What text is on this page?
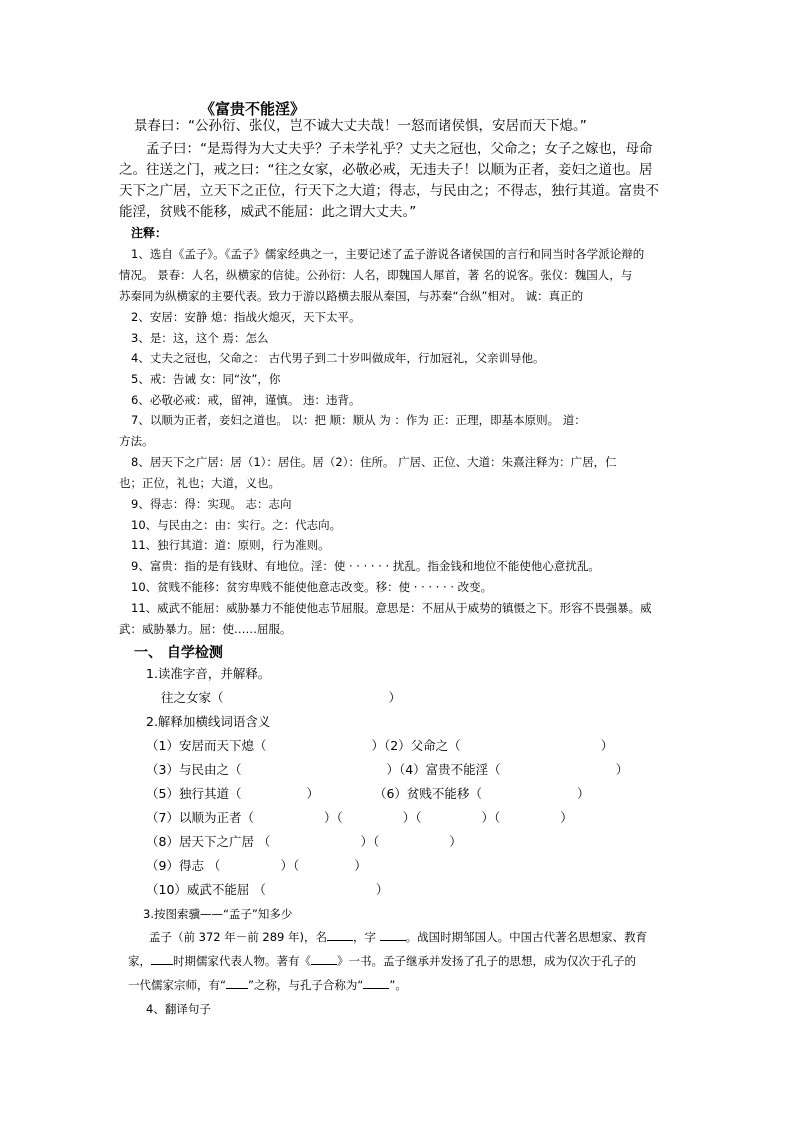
《富贵不能淫》
景春曰：“公孙衍、张仪，岂不诚大丈夫哉！一怒而诸侯惧，安居而天下熄。”
孟子曰：“是焉得为大丈夫乎？子未学礼乎？丈夫之冠也，父命之；女子之嫁也，母命
之。往送之门，戒之曰：“往之女家，必敬必戒，无违夫子！以顺为正者，妾妇之道也。居
天下之广居，立天下之正位，行天下之大道；得志，与民由之；不得志，独行其道。富贵不
能淫，贫贱不能移，威武不能屈：此之谓大丈夫。”
注释：
1、选自《孟子》。《孟子》儒家经典之一，主要记述了孟子游说各诸侯国的言行和同当时各学派论辩的
情况。 景春：人名，纵横家的信徒。公孙衍：人名，即魏国人犀首，著 名的说客。张仪：魏国人，与
苏秦同为纵横家的主要代表。致力于游以路横去服从秦国，与苏秦“合纵”相对。 诚：真正的
2、安居：安静 熄：指战火熄灭，天下太平。
3、是：这，这个 焉：怎么
4、丈夫之冠也，父命之： 古代男子到二十岁叫做成年，行加冠礼，父亲训导他。
5、戒：告诫 女：同“汝”，你
6、必敬必戒：戒，留神，谨慎。 违：违背。
7、以顺为正者，妾妇之道也。 以：把 顺：顺从 为 ：作为 正：正理，即基本原则。 道：
方法。
8、居天下之广居：居（1）：居住。居（2）：住所。 广居、正位、大道：朱熹注释为：广居，仁
也；正位，礼也；大道，义也。
9、得志：得：实现。 志：志向
10、与民由之：由：实行。之：代志向。
11、独行其道：道：原则，行为准则。
9、富贵：指的是有钱财、有地位。淫：使 · · · · · · 扰乱。指金钱和地位不能使他心意扰乱。
10、贫贱不能移：贫穷卑贱不能使他意志改变。移：使 · · · · · · 改变。
11、威武不能屈：威胁暴力不能使他志节屈服。意思是：不屈从于威势的镇慑之下。形容不畏强暴。威
武：威胁暴力。屈：使……屈服。
一、 自学检测
1.读准字音，并解释。
往之女家（	）
2.解释加横线词语含义
（1）安居而天下熄（	）（2）父命之（	）
（3）与民由之（	）（4）富贵不能淫（	）
（5）独行其道（	）	（6）贫贱不能移（	）
（7）以顺为正者（	）（	）（	）（	）
（8）居天下之广居 （	）（	）
（9）得志 （	）（	）
（10）威武不能屈 （	）
3.按图索骥——“孟子”知多少
孟子（前 372 年－前 289 年)，名 ，字 。战国时期邹国人。中国古代著名思想家、教育
家， 时期儒家代表人物。著有《 》一书。孟子继承并发扬了孔子的思想，成为仅次于孔子的
一代儒家宗师，有“ ”之称，与孔子合称为“ ”。
4、翻译句子
